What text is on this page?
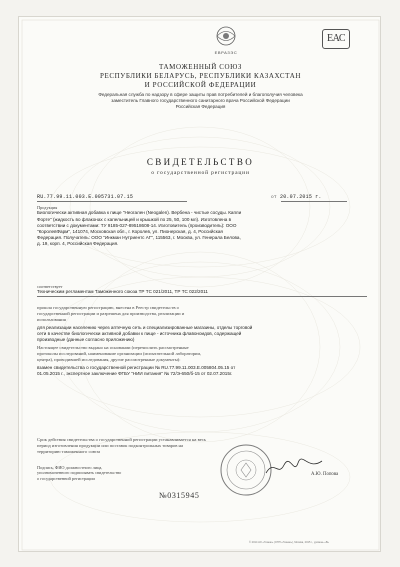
ЕВРАЗЭС
ЕАС
ТАМОЖЕННЫЙ СОЮЗ
РЕСПУБЛИКИ БЕЛАРУСЬ, РЕСПУБЛИКИ КАЗАХСТАН
И РОССИЙСКОЙ ФЕДЕРАЦИИ
Федеральная служба по надзору в сфере защиты прав потребителей и благополучия человека
заместитель Главного государственного санитарного врача Российской Федерации
Российская Федерация
СВИДЕТЕЛЬСТВО
о государственной регистрации
RU.77.99.11.003.E.005731.07.15	от 20.07.2015 г.
Продукция
Биологически активная добавка к пище "Неогален (Neogalen). Вербена - чистые сосуды. Капли
Форте" (жидкость во флаконах с капельницей и крышкой по 25, 50, 100 мл). Изготовлена в
соответствии с документами: ТУ 9185-027-89518608-14. Изготовитель (производитель): ООО
"КоролевФарм", 141074, Московская обл., г. Королев, ул. Пионерская, д. 4, Российская
Федерация. Получатель: ООО "Инкман Нутриентс АГ", 115563, г. Москва, ул. Генерала Белова,
д. 19, корп. 4, Российская Федерация.
соответствует
Техническим регламентам Таможенного союза ТР ТС 021/2011, ТР ТС 022/2011
прошла государственную регистрацию, внесена в Реестр свидетельств о
государственной регистрации и разрешена для производства, реализации и
использования
для реализации населению через аптечную сеть и специализированные магазины, отделы торговой
сети в качестве биологически активной добавки к пище - источника флавоноидов, содержащей
производные (данные согласно приложению)
Настоящее свидетельство выдано на основании (перечислить рассмотренные
протоколы исследований, наименование организации (испытательной лаборатории,
центра), проводившей исследования, другие рассмотренные документы):
взамен свидетельства о государственной регистрации № RU.77.99.11.003.E.005804.05.15 от
01.05.2015 г., экспертное заключение ФГБУ "НИИ питания" № 72/Э-650/б-15 от 02.07.2015г.
Срок действия свидетельства о государственной регистрации устанавливается на весь
период изготовления продукции или поставок подконтрольных товаров на
территорию таможенного союза
Подпись, ФИО должностного лица,
уполномоченного подписывать свидетельство
о государственной регистрации
А.Ю. Попова
№0315945
© 2014 АО «Гознак» (ОПП «Гознак»), Москва, 2015 г., уровень «В»
